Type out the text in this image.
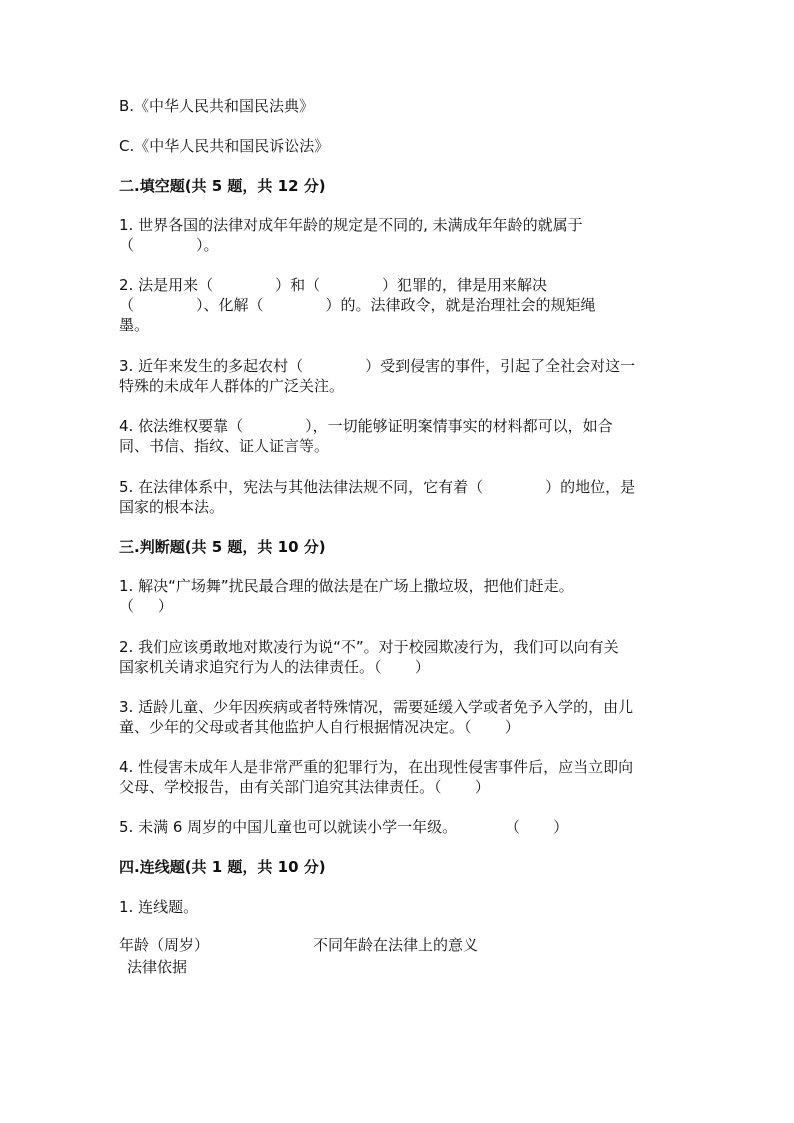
B.《中华人民共和国民法典》
C.《中华人民共和国民诉讼法》
二.填空题(共 5 题，共 12 分)
1. 世界各国的法律对成年年龄的规定是不同的, 未满成年年龄的就属于
（             ）。
2. 法是用来（             ）和（             ）犯罪的，律是用来解决
（             ）、化解（             ）的。法律政令，就是治理社会的规矩绳
墨。
3. 近年来发生的多起农村（             ）受到侵害的事件，引起了全社会对这一
特殊的未成年人群体的广泛关注。
4. 依法维权要靠（             ），一切能够证明案情事实的材料都可以，如合
同、书信、指纹、证人证言等。
5. 在法律体系中，宪法与其他法律法规不同，它有着（             ）的地位，是
国家的根本法。
三.判断题(共 5 题，共 10 分)
1. 解决“广场舞”扰民最合理的做法是在广场上撒垃圾，把他们赶走。
（     ）
2. 我们应该勇敢地对欺凌行为说“不”。对于校园欺凌行为，我们可以向有关
国家机关请求追究行为人的法律责任。（       ）
3. 适龄儿童、少年因疾病或者特殊情况，需要延缓入学或者免予入学的，由儿
童、少年的父母或者其他监护人自行根据情况决定。（       ）
4. 性侵害未成年人是非常严重的犯罪行为，在出现性侵害事件后，应当立即向
父母、学校报告，由有关部门追究其法律责任。（       ）
5. 未满 6 周岁的中国儿童也可以就读小学一年级。          （       ）
四.连线题(共 1 题，共 10 分)
1. 连线题。
年龄（周岁）	不同年龄在法律上的意义
法律依据
